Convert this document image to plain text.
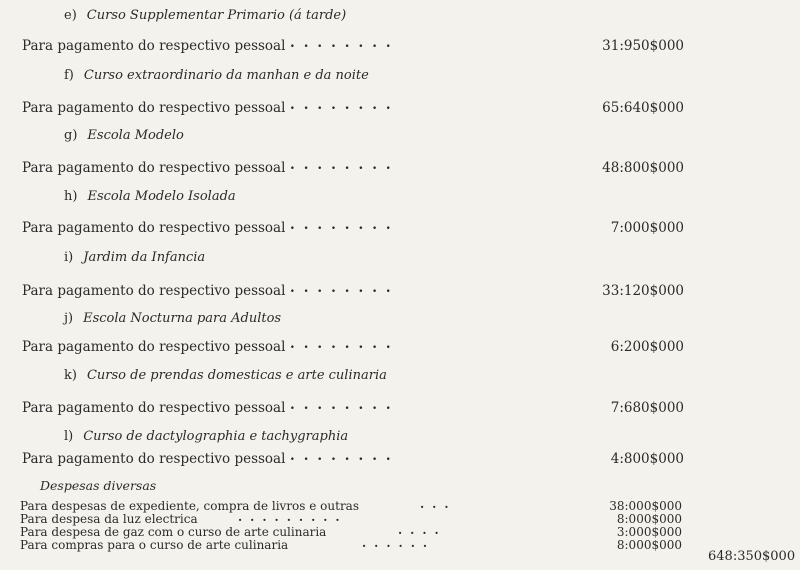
e) Curso Supplementar Primario (á tarde)
Para pagamento do respectivo pessoal ........	31:950$000
f) Curso extraordinario da manhan e da noite
Para pagamento do respectivo pessoal ........	65:640$000
g) Escola Modelo
Para pagamento do respectivo pessoal ........	48:800$000
h) Escola Modelo Isolada
Para pagamento do respectivo pessoal ........	7:000$000
i) Jardim da Infancia
Para pagamento do respectivo pessoal ........	33:120$000
j) Escola Nocturna para Adultos
Para pagamento do respectivo pessoal ........	6:200$000
k) Curso de prendas domesticas e arte culinaria
Para pagamento do respectivo pessoal ........	7:680$000
l) Curso de dactylographia e tachygraphia
Para pagamento do respectivo pessoal ........	4:800$000
Despesas diversas
Para despesas de expediente, compra de livros e outras	...	38:000$000
Para despesa da luz electrica	.........	8:000$000
Para despesa de gaz com o curso de arte culinaria	....	3:000$000
Para compras para o curso de arte culinaria	......	8:000$000
648:350$000
